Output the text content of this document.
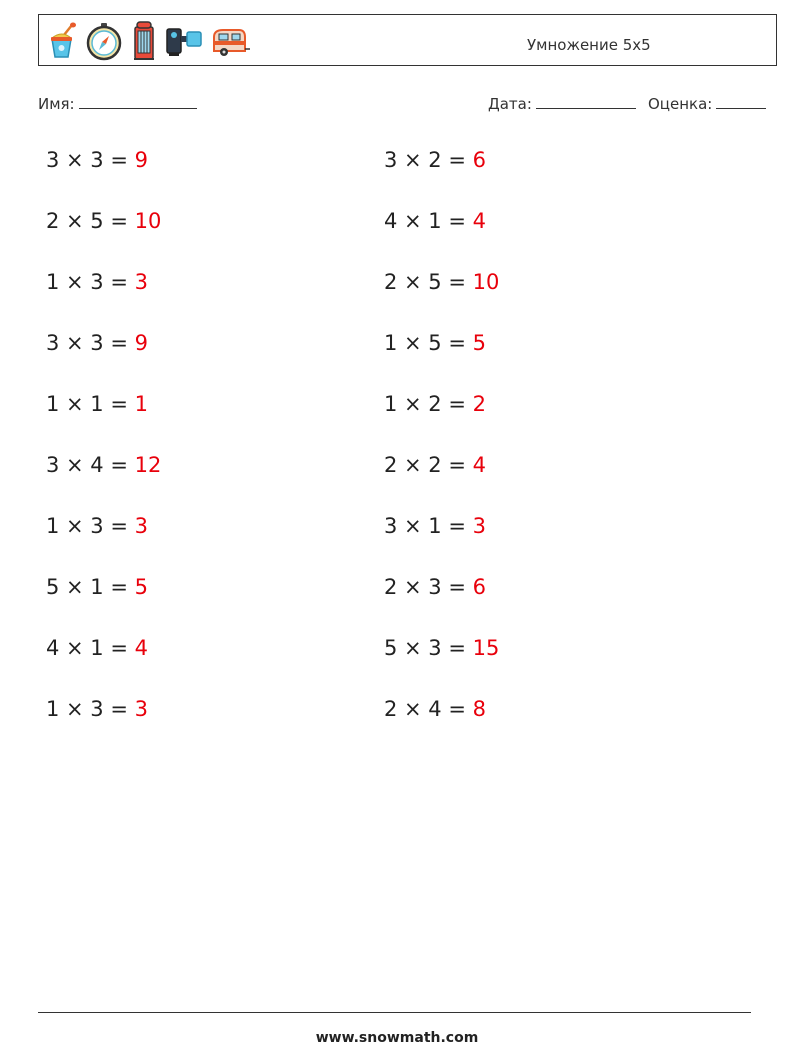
Умножение 5x5
Имя:	Дата:	Оценка:
3 × 3 = 9	3 × 2 = 6
2 × 5 = 10	4 × 1 = 4
1 × 3 = 3	2 × 5 = 10
3 × 3 = 9	1 × 5 = 5
1 × 1 = 1	1 × 2 = 2
3 × 4 = 12	2 × 2 = 4
1 × 3 = 3	3 × 1 = 3
5 × 1 = 5	2 × 3 = 6
4 × 1 = 4	5 × 3 = 15
1 × 3 = 3	2 × 4 = 8
www.snowmath.com
